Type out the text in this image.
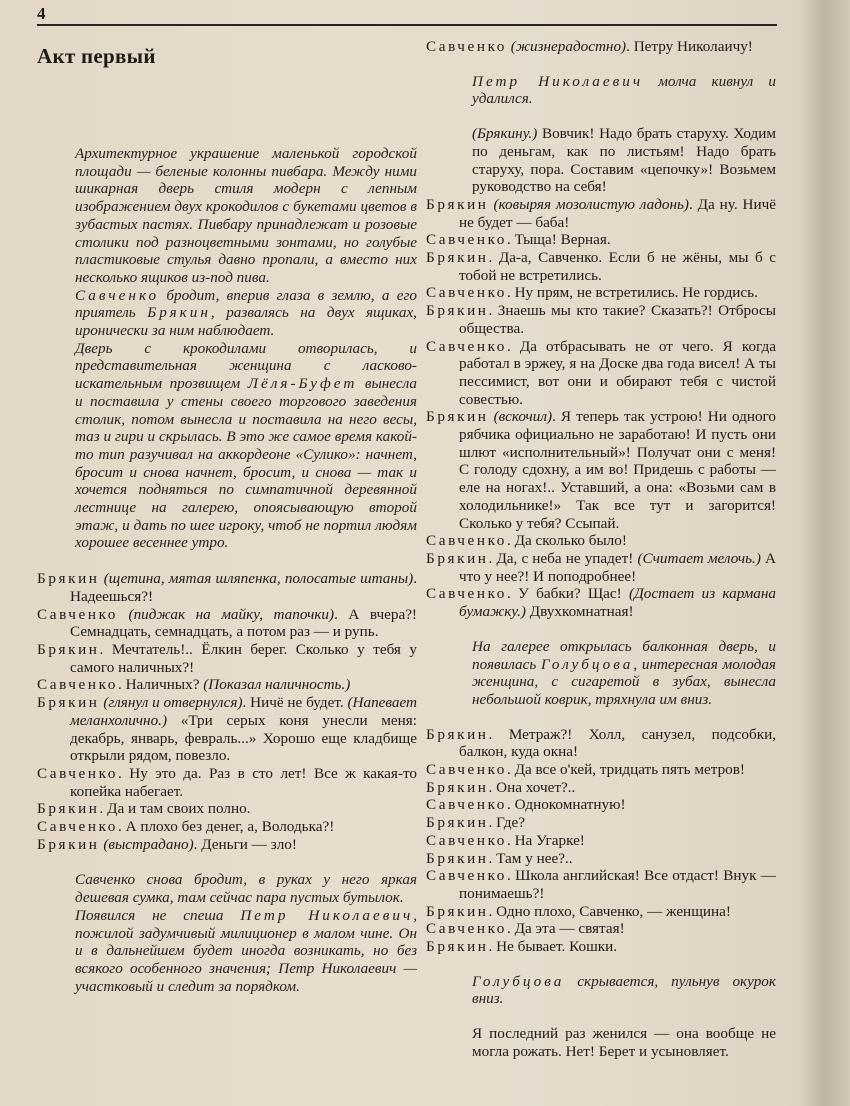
4
Акт первый

Архитектурное украшение маленькой городской площади — беленые колонны пивбара. Между ними шикарная дверь стиля модерн с лепным изображением двух крокодилов с букетами цветов в зубастых пастях. Пивбару принадлежат и розовые столики под разноцветными зонтами, но голубые пластиковые стулья давно пропали, а вместо них несколько ящиков из-под пива.

Савченко бродит, вперив глаза в землю, а его приятель Брякин, развалясь на двух ящиках, иронически за ним наблюдает.

Дверь с крокодилами отворилась, и представительная женщина с ласково-искательным прозвищем Лёля-Буфет вынесла и поставила у стены своего торгового заведения столик, потом вынесла и поставила на него весы, таз и гири и скрылась. В это же самое время какой-то тип разучивал на аккордеоне «Сулико»: начнет, бросит и снова начнет, бросит, и снова — так и хочется подняться по симпатичной деревянной лестнице на галерею, опоясывающую второй этаж, и дать по шее игроку, чтоб не портил людям хорошее весеннее утро.

Брякин (щетина, мятая шляпенка, полосатые штаны). Надеешься?!

Савченко (пиджак на майку, тапочки). А вчера?! Семнадцать, семнадцать, а потом раз — и рупь.

Брякин. Мечтатель!.. Ёлкин берег. Сколько у тебя у самого наличных?!

Савченко. Наличных? (Показал наличность.)

Брякин (глянул и отвернулся). Ничё не будет. (Напевает меланхолично.) «Три серых коня унесли меня: декабрь, январь, февраль...» Хорошо еще кладбище открыли рядом, повезло.

Савченко. Ну это да. Раз в сто лет! Все ж какая-то копейка набегает.

Брякин. Да и там своих полно.

Савченко. А плохо без денег, а, Володька?!

Брякин (выстрадано). Деньги — зло!

Савченко снова бродит, в руках у него яркая дешевая сумка, там сейчас пара пустых бутылок.

Появился не спеша Петр Николаевич, пожилой задумчивый милиционер в малом чине. Он и в дальнейшем будет иногда возникать, но без всякого особенного значения; Петр Николаевич — участковый и следит за порядком.

Савченко (жизнерадостно). Петру Николаичу!

Петр Николаевич молча кивнул и удалился.

(Брякину.) Вовчик! Надо брать старуху. Ходим по деньгам, как по листьям! Надо брать старуху, пора. Составим «цепочку»! Возьмем руководство на себя!

Брякин (ковыряя мозолистую ладонь). Да ну. Ничё не будет — баба!

Савченко. Тыща! Верная.

Брякин. Да-а, Савченко. Если б не жёны, мы б с тобой не встретились.

Савченко. Ну прям, не встретились. Не гордись.

Брякин. Знаешь мы кто такие? Сказать?! Отбросы общества.

Савченко. Да отбрасывать не от чего. Я когда работал в эржеу, я на Доске два года висел! А ты пессимист, вот они и обирают тебя с чистой совестью.

Брякин (вскочил). Я теперь так устрою! Ни одного рябчика официально не заработаю! И пусть они шлют «исполнительный»! Получат они с меня! С голоду сдохну, а им во! Придешь с работы — еле на ногах!.. Уставший, а она: «Возьми сам в холодильнике!» Так все тут и загорится! Сколько у тебя? Ссыпай.

Савченко. Да сколько было!

Брякин. Да, с неба не упадет! (Считает мелочь.) А что у нее?! И поподробнее!

Савченко. У бабки? Щас! (Достает из кармана бумажку.) Двухкомнатная!

На галерее открылась балконная дверь, и появилась Голубцова, интересная молодая женщина, с сигаретой в зубах, вынесла небольшой коврик, тряхнула им вниз.

Брякин. Метраж?! Холл, санузел, подсобки, балкон, куда окна!

Савченко. Да все о'кей, тридцать пять метров!

Брякин. Она хочет?..

Савченко. Однокомнатную!

Брякин. Где?

Савченко. На Угарке!

Брякин. Там у нее?..

Савченко. Школа английская! Все отдаст! Внук — понимаешь?!

Брякин. Одно плохо, Савченко, — женщина!

Савченко. Да эта — святая!

Брякин. Не бывает. Кошки.

Голубцова скрывается, пульнув окурок вниз.

Я последний раз женился — она вообще не могла рожать. Нет! Берет и усыновляет.
